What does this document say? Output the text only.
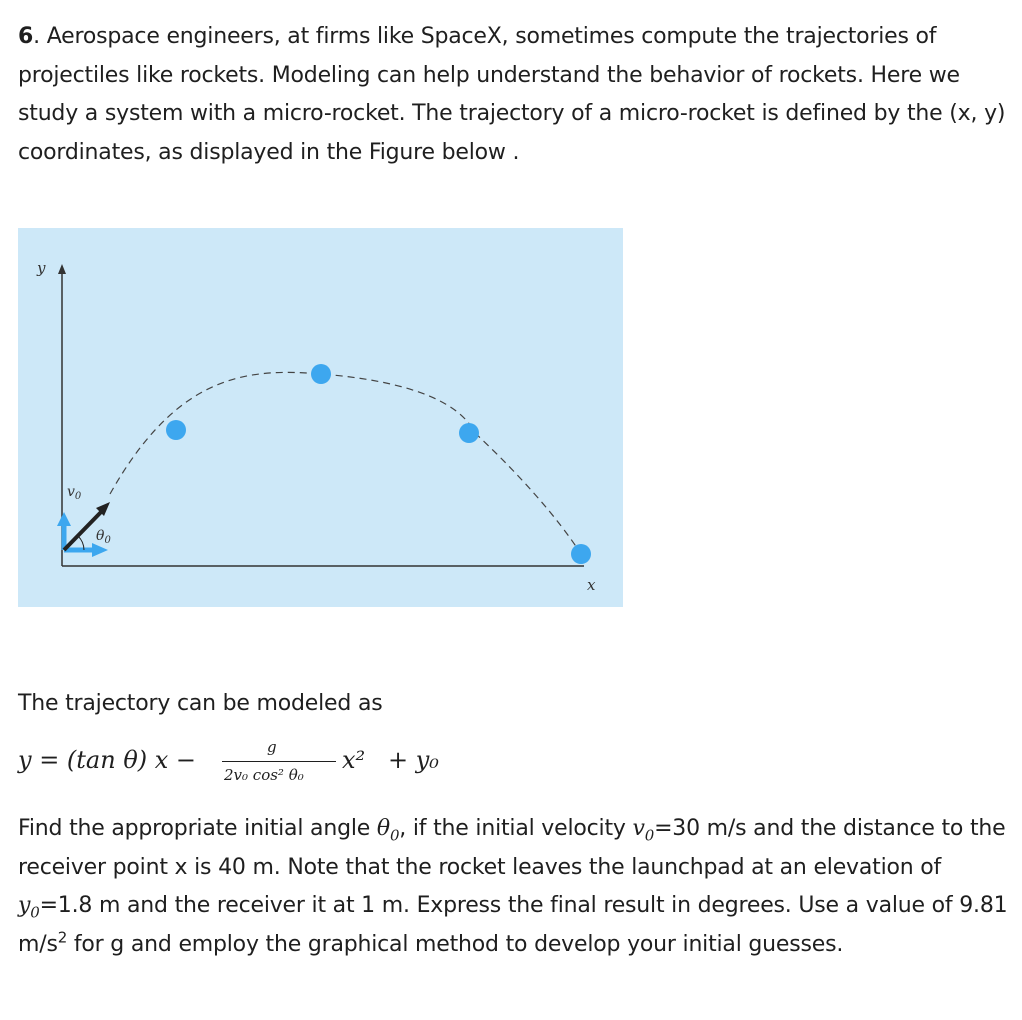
6. Aerospace engineers, at firms like SpaceX, sometimes compute the trajectories of projectiles like rockets. Modeling can help understand the behavior of rockets. Here we study a system with a micro-rocket. The trajectory of a micro-rocket is defined by the (x, y) coordinates, as displayed in the Figure below .
y
x
$v_0$
$\theta_0$
The trajectory can be modeled as
y = (tan θ) x −	g
2v₀ cos² θ₀
x² + y₀
Find the appropriate initial angle $\theta_0$, if the initial velocity $v_0=30$ m/s and the distance to the receiver point x is 40 m. Note that the rocket leaves the launchpad at an elevation of $y_0=1.8$ m and the receiver it at 1 m. Express the final result in degrees. Use a value of 9.81 $m/s^2$ for g and employ the graphical method to develop your initial guesses.
